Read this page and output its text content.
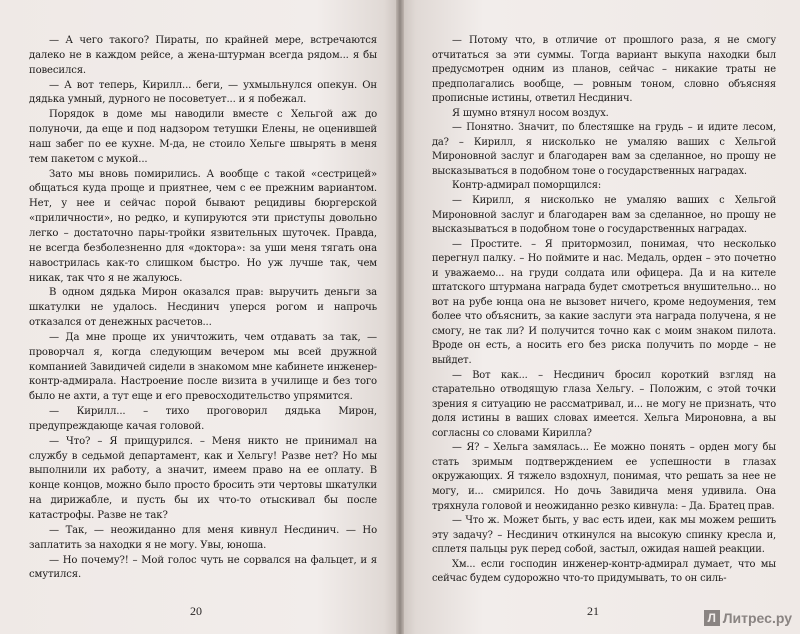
— А чего такого? Пираты, по крайней мере, встречаются далеко не в каждом рейсе, а жена-штурман всегда рядом... я бы повесился.

— А вот теперь, Кирилл... беги, — ухмыльнулся опекун. Он дядька умный, дурного не посоветует... и я побежал.

Порядок в доме мы наводили вместе с Хельгой аж до полуночи, да еще и под надзором тетушки Елены, не оценившей наш забег по ее кухне. М-да, не стоило Хельге швырять в меня тем пакетом с мукой...

Зато мы вновь помирились. А вообще с такой «сестрицей» общаться куда проще и приятнее, чем с ее прежним вариантом. Нет, у нее и сейчас порой бывают рецидивы бюргерской «приличности», но редко, и купируются эти приступы довольно легко – достаточно пары-тройки язвительных шуточек. Правда, не всегда безболезненно для «доктора»: за уши меня тягать она навострилась как-то слишком быстро. Но уж лучше так, чем никак, так что я не жалуюсь.

В одном дядька Мирон оказался прав: выручить деньги за шкатулки не удалось. Несдинич уперся рогом и напрочь отказался от денежных расчетов...

— Да мне проще их уничтожить, чем отдавать за так, — проворчал я, когда следующим вечером мы всей дружной компанией Завидичей сидели в знакомом мне кабинете инженер-контр-адмирала. Настроение после визита в училище и без того было не ахти, а тут еще и его превосходительство упрямится.

— Кирилл... – тихо проговорил дядька Мирон, предупреждающе качая головой.

— Что? – Я прищурился. – Меня никто не принимал на службу в седьмой департамент, как и Хельгу! Разве нет? Но мы выполнили их работу, а значит, имеем право на ее оплату. В конце концов, можно было просто бросить эти чертовы шкатулки на дирижабле, и пусть бы их что-то отыскивал бы после катастрофы. Разве не так?

— Так, — неожиданно для меня кивнул Несдинич. — Но заплатить за находки я не могу. Увы, юноша.

— Но почему?! – Мой голос чуть не сорвался на фальцет, и я смутился.

20

— Потому что, в отличие от прошлого раза, я не смогу отчитаться за эти суммы. Тогда вариант выкупа находки был предусмотрен одним из планов, сейчас – никакие траты не предполагались вообще, — ровным тоном, словно объясняя прописные истины, ответил Несдинич.

Я шумно втянул носом воздух.

— Понятно. Значит, по блестяшке на грудь – и идите лесом, да? – Кирилл, я нисколько не умаляю ваших с Хельгой Мироновной заслуг и благодарен вам за сделанное, но прошу не высказываться в подобном тоне о государственных наградах.

Контр-адмирал поморщился:

— Кирилл, я нисколько не умаляю ваших с Хельгой Мироновной заслуг и благодарен вам за сделанное, но прошу не высказываться в подобном тоне о государственных наградах.

— Простите. – Я притормозил, понимая, что несколько перегнул палку. – Но поймите и нас. Медаль, орден – это почетно и уважаемо... на груди солдата или офицера. Да и на кителе штатского штурмана награда будет смотреться внушительно... но вот на рубе юнца она не вызовет ничего, кроме недоумения, тем более что объяснить, за какие заслуги эта награда получена, я не смогу, не так ли? И получится точно как с моим знаком пилота. Вроде он есть, а носить его без риска получить по морде – не выйдет.

— Вот как... – Несдинич бросил короткий взгляд на старательно отводящую глаза Хельгу. – Положим, с этой точки зрения я ситуацию не рассматривал, и... не могу не признать, что доля истины в ваших словах имеется. Хельга Мироновна, а вы согласны со словами Кирилла?

— Я? – Хельга замялась... Ее можно понять – орден могу бы стать зримым подтверждением ее успешности в глазах окружающих. Я тяжело вздохнул, понимая, что решать за нее не могу, и... смирился. Но дочь Завидича меня удивила. Она тряхнула головой и неожиданно резко кивнула: – Да. Братец прав.

— Что ж. Может быть, у вас есть идеи, как мы можем решить эту задачу? – Несдинич откинулся на высокую спинку кресла и, сплетя пальцы рук перед собой, застыл, ожидая нашей реакции.

Хм... если господин инженер-контр-адмирал думает, что мы сейчас будем судорожно что-то придумывать, то он силь-

21	Л Литрес.ру
